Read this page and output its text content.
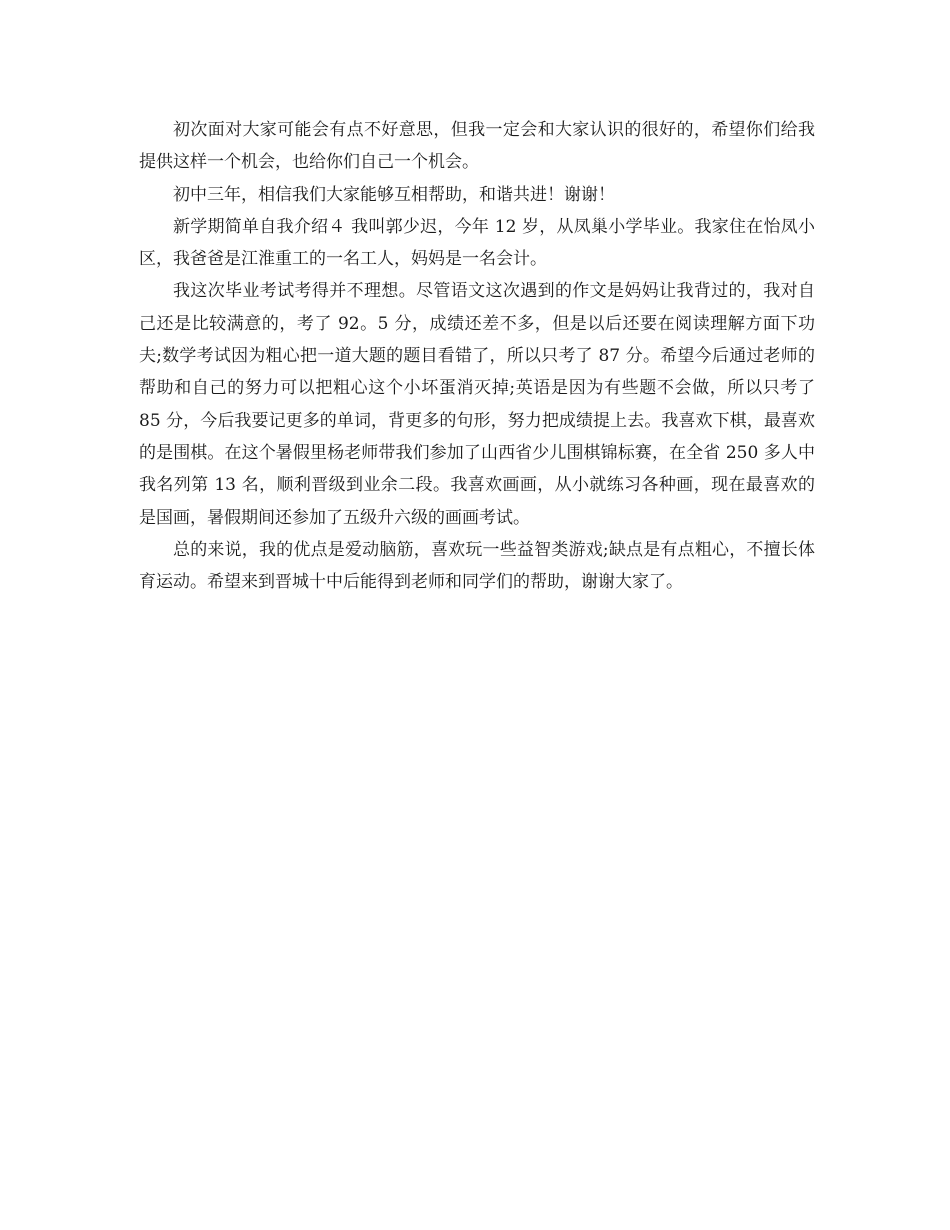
初次面对大家可能会有点不好意思，但我一定会和大家认识的很好的，希望你们给我提供这样一个机会，也给你们自己一个机会。

初中三年，相信我们大家能够互相帮助，和谐共进！谢谢！

新学期简单自我介绍４ 我叫郭少迟，今年 12 岁，从凤巢小学毕业。我家住在怡凤小区，我爸爸是江淮重工的一名工人，妈妈是一名会计。

我这次毕业考试考得并不理想。尽管语文这次遇到的作文是妈妈让我背过的，我对自己还是比较满意的，考了 92。5 分，成绩还差不多，但是以后还要在阅读理解方面下功夫;数学考试因为粗心把一道大题的题目看错了，所以只考了 87 分。希望今后通过老师的帮助和自己的努力可以把粗心这个小坏蛋消灭掉;英语是因为有些题不会做，所以只考了 85 分，今后我要记更多的单词，背更多的句形，努力把成绩提上去。我喜欢下棋，最喜欢的是围棋。在这个暑假里杨老师带我们参加了山西省少儿围棋锦标赛，在全省 250 多人中我名列第 13 名，顺利晋级到业余二段。我喜欢画画，从小就练习各种画，现在最喜欢的是国画，暑假期间还参加了五级升六级的画画考试。

总的来说，我的优点是爱动脑筋，喜欢玩一些益智类游戏;缺点是有点粗心，不擅长体育运动。希望来到晋城十中后能得到老师和同学们的帮助，谢谢大家了。
